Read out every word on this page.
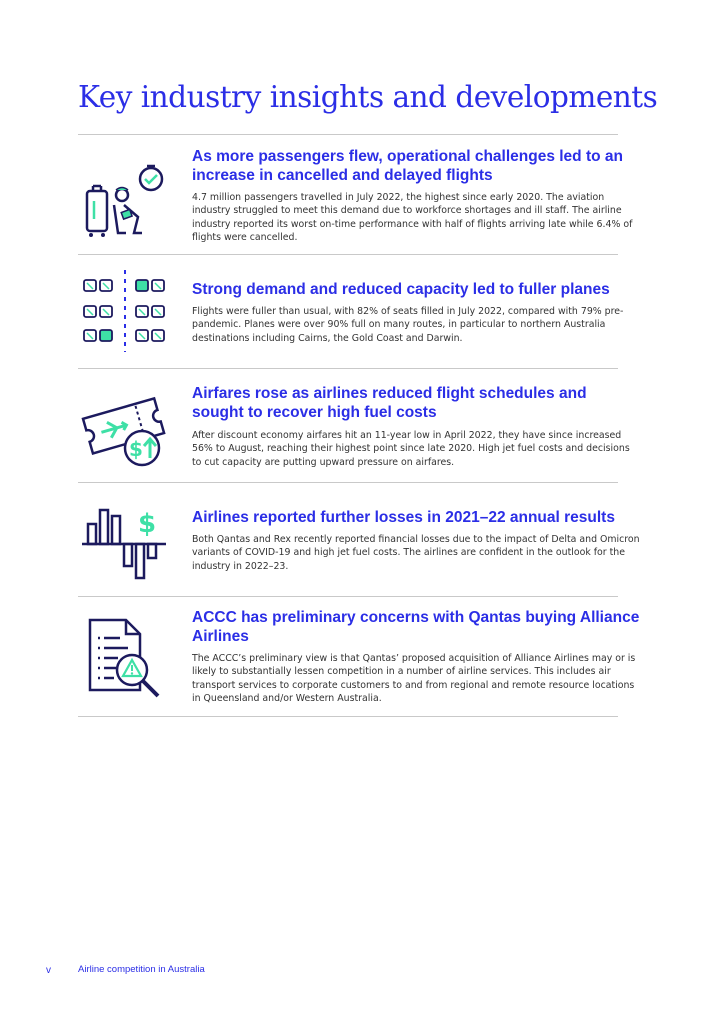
Key industry insights and developments
As more passengers flew, operational challenges led to an increase in cancelled and delayed flights

4.7 million passengers travelled in July 2022, the highest since early 2020. The aviation industry struggled to meet this demand due to workforce shortages and ill staff. The airline industry reported its worst on-time performance with half of flights arriving late while 6.4% of flights were cancelled.

Strong demand and reduced capacity led to fuller planes

Flights were fuller than usual, with 82% of seats filled in July 2022, compared with 79% pre-pandemic. Planes were over 90% full on many routes, in particular to northern Australia destinations including Cairns, the Gold Coast and Darwin.

$
Airfares rose as airlines reduced flight schedules and sought to recover high fuel costs

After discount economy airfares hit an 11-year low in April 2022, they have since increased 56% to August, reaching their highest point since late 2020. High jet fuel costs and decisions to cut capacity are putting upward pressure on airfares.

$ Airlines reported further losses in 2021–22 annual results

Both Qantas and Rex recently reported financial losses due to the impact of Delta and Omicron variants of COVID-19 and high jet fuel costs. The airlines are confident in the outlook for the industry in 2022–23.

ACCC has preliminary concerns with Qantas buying Alliance Airlines

The ACCC’s preliminary view is that Qantas’ proposed acquisition of Alliance Airlines may or is likely to substantially lessen competition in a number of airline services. This includes air transport services to corporate customers to and from regional and remote resource locations in Queensland and/or Western Australia.

v	Airline competition in Australia
